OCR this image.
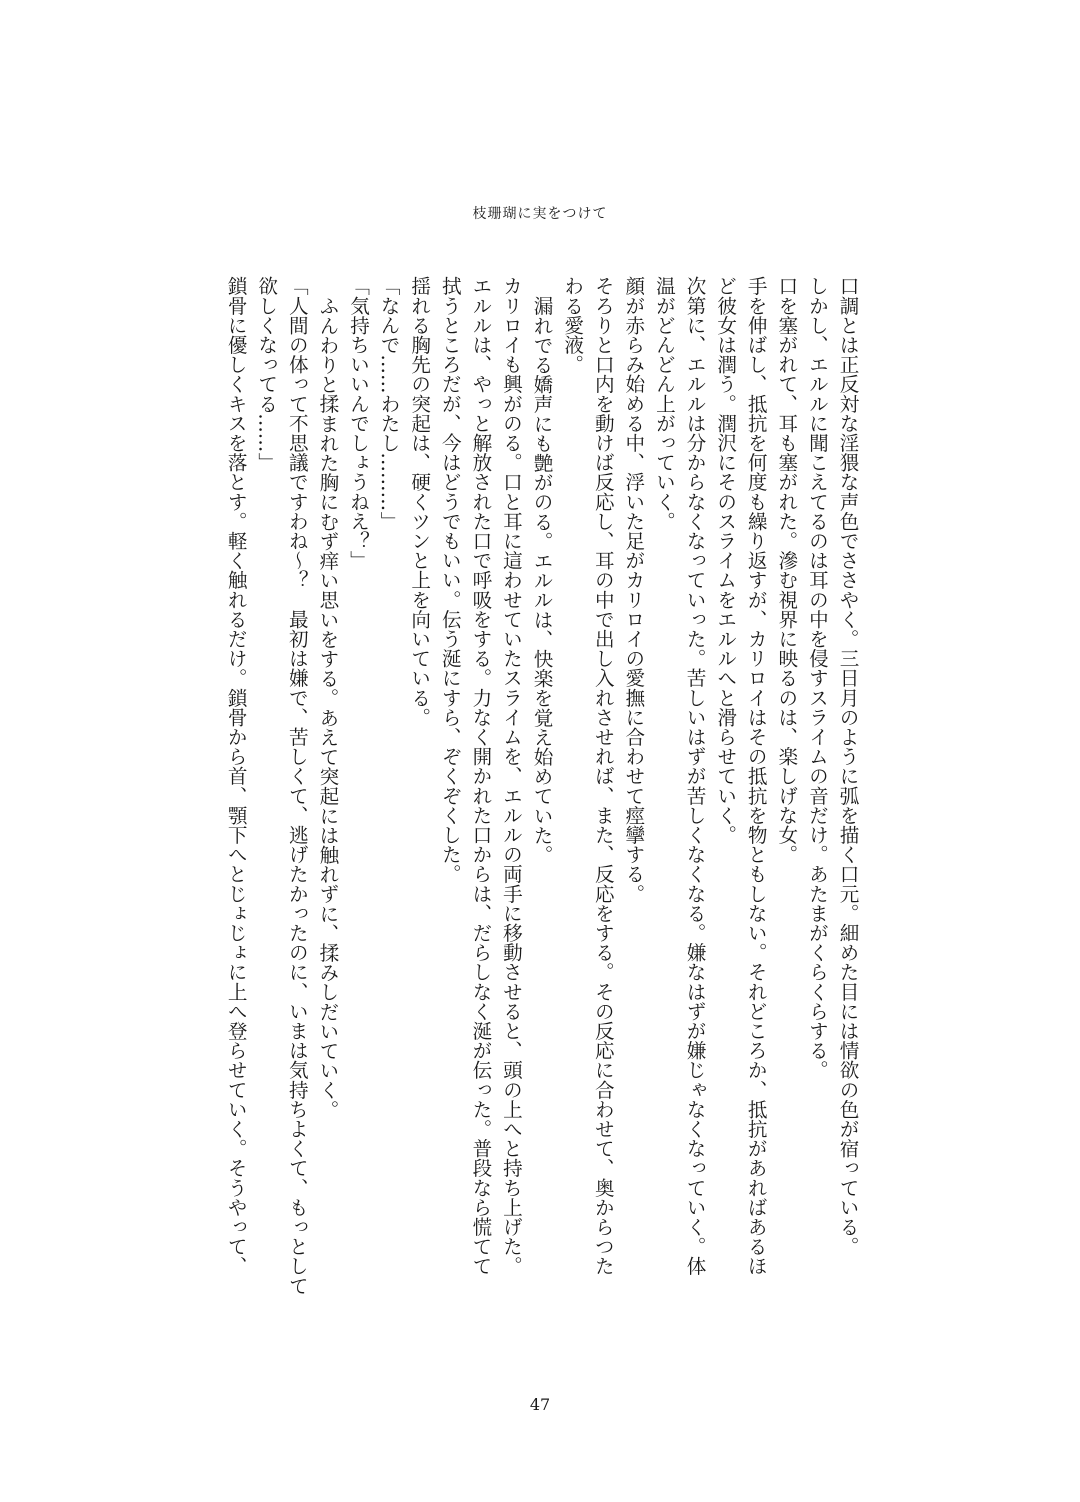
枝珊瑚に実をつけて
口調とは正反対な淫猥な声色でささやく。三日月のように弧を描く口元。細めた目には情欲の色が宿っている。
しかし、エルルに聞こえてるのは耳の中を侵すスライムの音だけ。あたまがくらくらする。
口を塞がれて、耳も塞がれた。滲む視界に映るのは、楽しげな女。
手を伸ばし、抵抗を何度も繰り返すが、カリロイはその抵抗を物ともしない。それどころか、抵抗があればあるほ
ど彼女は潤う。潤沢にそのスライムをエルルへと滑らせていく。
次第に、エルルは分からなくなっていった。苦しいはずが苦しくなくなる。嫌なはずが嫌じゃなくなっていく。体
温がどんどん上がっていく。
顔が赤らみ始める中、浮いた足がカリロイの愛撫に合わせて痙攣する。
そろりと口内を動けば反応し、耳の中で出し入れさせれば、また、反応をする。その反応に合わせて、奥からつた
わる愛液。
漏れでる嬌声にも艶がのる。エルルは、快楽を覚え始めていた。
カリロイも興がのる。口と耳に這わせていたスライムを、エルルの両手に移動させると、頭の上へと持ち上げた。
エルルは、やっと解放された口で呼吸をする。力なく開かれた口からは、だらしなく涎が伝った。普段なら慌てて
拭うところだが、今はどうでもいい。伝う涎にすら、ぞくぞくした。
揺れる胸先の突起は、硬くツンと上を向いている。
「なんで……わたし………」
「気持ちいいんでしょうねえ？」
ふんわりと揉まれた胸にむず痒い思いをする。あえて突起には触れずに、揉みしだいていく。
「人間の体って不思議ですわね～？　最初は嫌で、苦しくて、逃げたかったのに、いまは気持ちよくて、もっとして
欲しくなってる……」
鎖骨に優しくキスを落とす。軽く触れるだけ。鎖骨から首、顎下へとじょじょに上へ登らせていく。そうやって、
47
